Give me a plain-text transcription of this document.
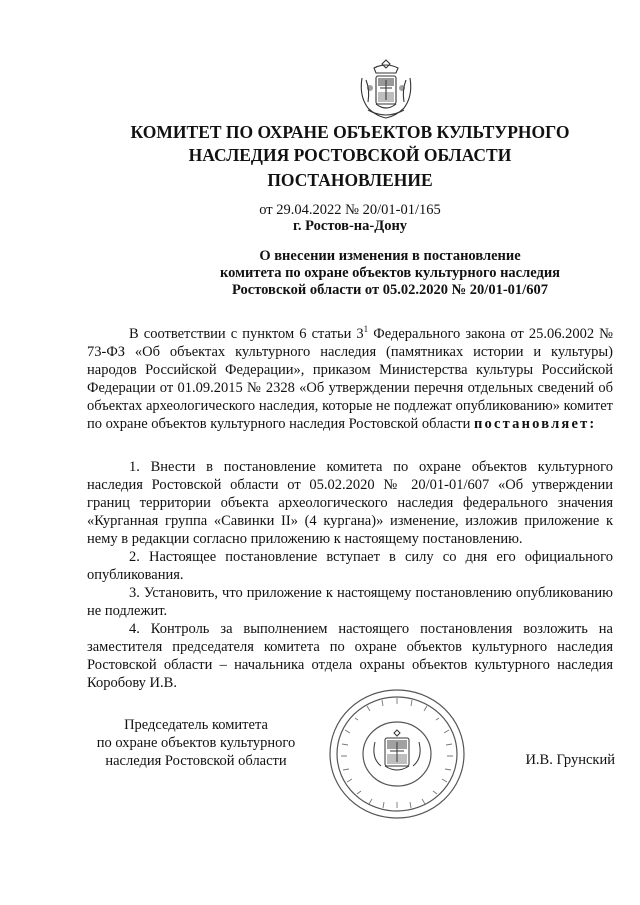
КОМИТЕТ ПО ОХРАНЕ ОБЪЕКТОВ КУЛЬТУРНОГО
НАСЛЕДИЯ РОСТОВСКОЙ ОБЛАСТИ
ПОСТАНОВЛЕНИЕ
от 29.04.2022 № 20/01-01/165
г. Ростов-на-Дону
О внесении изменения в постановление
комитета по охране объектов культурного наследия
Ростовской области от 05.02.2020 № 20/01-01/607
В соответствии с пунктом 6 статьи $3^1$ Федерального закона от 25.06.2002 № 73-ФЗ «Об объектах культурного наследия (памятниках истории и культуры) народов Российской Федерации», приказом Министерства культуры Российской Федерации от 01.09.2015 № 2328 «Об утверждении перечня отдельных сведений об объектах археологического наследия, которые не подлежат опубликованию» комитет по охране объектов культурного наследия Ростовской области постановляет:

1. Внести в постановление комитета по охране объектов культурного наследия Ростовской области от 05.02.2020 № 20/01-01/607 «Об утверждении границ территории объекта археологического наследия федерального значения «Курганная группа «Савинки II» (4 кургана)» изменение, изложив приложение к нему в редакции согласно приложению к настоящему постановлению.

2. Настоящее постановление вступает в силу со дня его официального опубликования.

3. Установить, что приложение к настоящему постановлению опубликованию не подлежит.

4. Контроль за выполнением настоящего постановления возложить на заместителя председателя комитета по охране объектов культурного наследия Ростовской области – начальника отдела охраны объектов культурного наследия Коробову И.В.

Председатель комитета
по охране объектов культурного
наследия Ростовской области	И.В. Грунский
